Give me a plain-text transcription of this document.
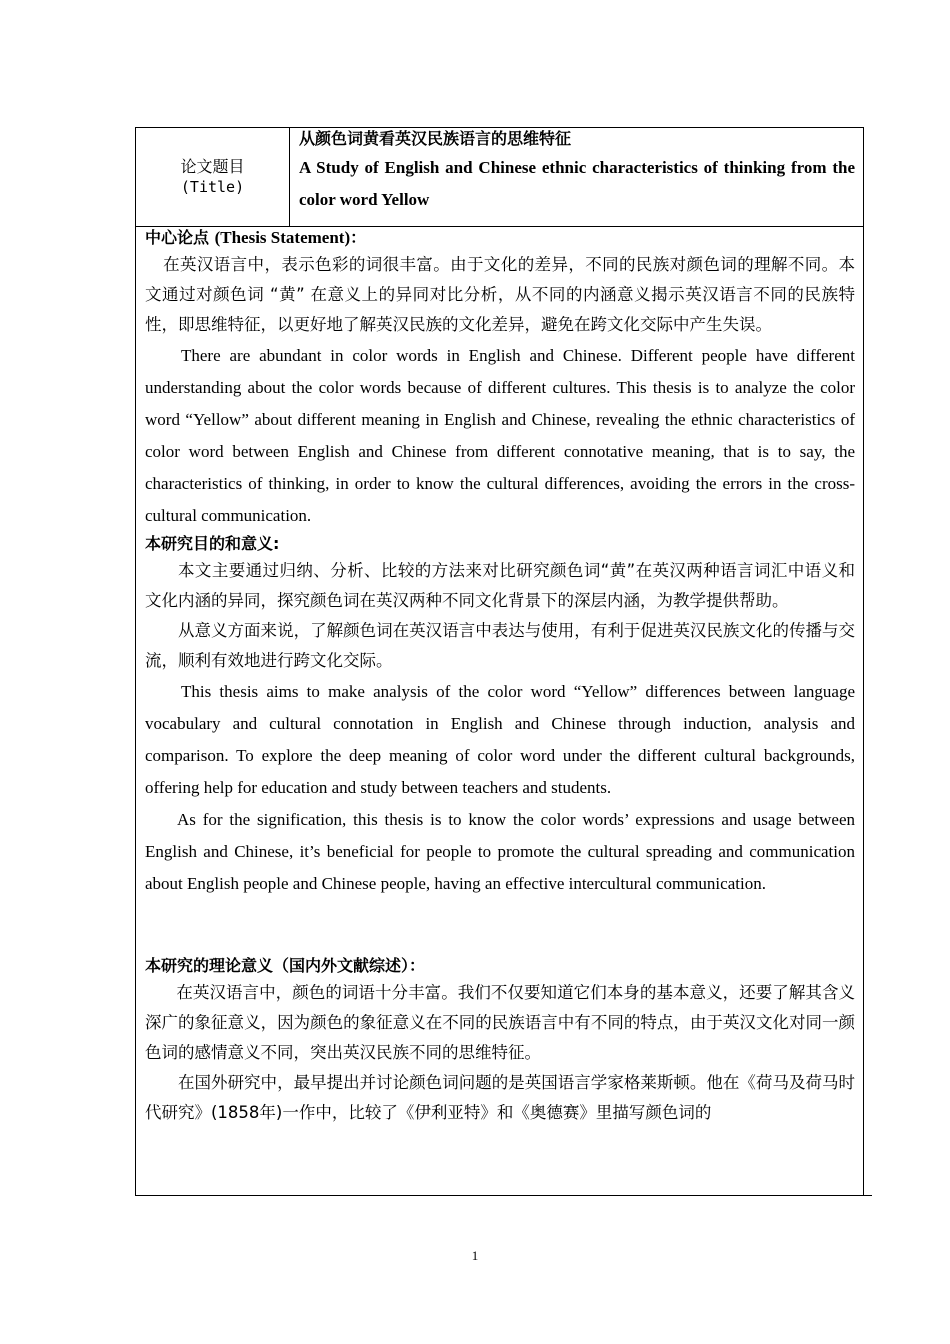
论文题目
(Title)
从颜色词黄看英汉民族语言的思维特征
A Study of English and Chinese ethnic characteristics of thinking from the color word Yellow
中心论点 (Thesis Statement)：

在英汉语言中，表示色彩的词很丰富。由于文化的差异，不同的民族对颜色词的理解不同。本文通过对颜色词 “黄” 在意义上的异同对比分析，从不同的内涵意义揭示英汉语言不同的民族特性，即思维特征，以更好地了解英汉民族的文化差异，避免在跨文化交际中产生失误。

There are abundant in color words in English and Chinese. Different people have different understanding about the color words because of different cultures. This thesis is to analyze the color word “Yellow” about different meaning in English and Chinese, revealing the ethnic characteristics of color word between English and Chinese from different connotative meaning, that is to say, the characteristics of thinking, in order to know the cultural differences, avoiding the errors in the cross-cultural communication.

本研究目的和意义:

本文主要通过归纳、分析、比较的方法来对比研究颜色词“黄”在英汉两种语言词汇中语义和文化内涵的异同，探究颜色词在英汉两种不同文化背景下的深层内涵，为教学提供帮助。

从意义方面来说，了解颜色词在英汉语言中表达与使用，有利于促进英汉民族文化的传播与交流，顺利有效地进行跨文化交际。

This thesis aims to make analysis of the color word “Yellow” differences between language vocabulary and cultural connotation in English and Chinese through induction, analysis and comparison. To explore the deep meaning of color word under the different cultural backgrounds, offering help for education and study between teachers and students.

As for the signification, this thesis is to know the color words’ expressions and usage between English and Chinese, it’s beneficial for people to promote the cultural spreading and communication about English people and Chinese people, having an effective intercultural communication.

本研究的理论意义（国内外文献综述）：

在英汉语言中，颜色的词语十分丰富。我们不仅要知道它们本身的基本意义，还要了解其含义深广的象征意义，因为颜色的象征意义在不同的民族语言中有不同的特点，由于英汉文化对同一颜色词的感情意义不同，突出英汉民族不同的思维特征。

在国外研究中，最早提出并讨论颜色词问题的是英国语言学家格莱斯顿。他在《荷马及荷马时代研究》(1858年)一作中，比较了《伊利亚特》和《奥德赛》里描写颜色词的

1
